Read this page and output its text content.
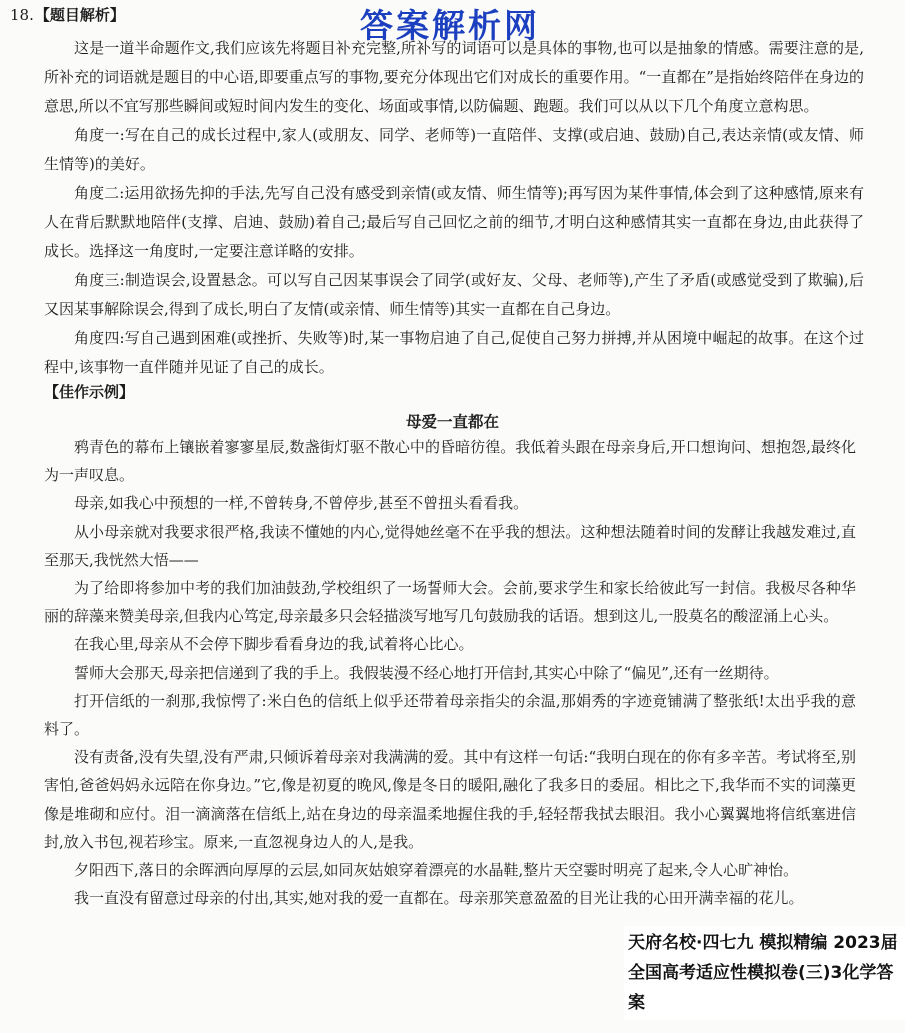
18.【题目解析】	答案解析网

这是一道半命题作文,我们应该先将题目补充完整,所补写的词语可以是具体的事物,也可以是抽象的情感。需要注意的是,所补充的词语就是题目的中心语,即要重点写的事物,要充分体现出它们对成长的重要作用。“一直都在”是指始终陪伴在身边的意思,所以不宜写那些瞬间或短时间内发生的变化、场面或事情,以防偏题、跑题。我们可以从以下几个角度立意构思。

角度一:写在自己的成长过程中,家人(或朋友、同学、老师等)一直陪伴、支撑(或启迪、鼓励)自己,表达亲情(或友情、师生情等)的美好。

角度二:运用欲扬先抑的手法,先写自己没有感受到亲情(或友情、师生情等);再写因为某件事情,体会到了这种感情,原来有人在背后默默地陪伴(支撑、启迪、鼓励)着自己;最后写自己回忆之前的细节,才明白这种感情其实一直都在身边,由此获得了成长。选择这一角度时,一定要注意详略的安排。

角度三:制造误会,设置悬念。可以写自己因某事误会了同学(或好友、父母、老师等),产生了矛盾(或感觉受到了欺骗),后又因某事解除误会,得到了成长,明白了友情(或亲情、师生情等)其实一直都在自己身边。

角度四:写自己遇到困难(或挫折、失败等)时,某一事物启迪了自己,促使自己努力拼搏,并从困境中崛起的故事。在这个过程中,该事物一直伴随并见证了自己的成长。

【佳作示例】
母爱一直都在

鸦青色的幕布上镶嵌着寥寥星辰,数盏街灯驱不散心中的昏暗彷徨。我低着头跟在母亲身后,开口想询问、想抱怨,最终化为一声叹息。

母亲,如我心中预想的一样,不曾转身,不曾停步,甚至不曾扭头看看我。

从小母亲就对我要求很严格,我读不懂她的内心,觉得她丝毫不在乎我的想法。这种想法随着时间的发酵让我越发难过,直至那天,我恍然大悟——

为了给即将参加中考的我们加油鼓劲,学校组织了一场誓师大会。会前,要求学生和家长给彼此写一封信。我极尽各种华丽的辞藻来赞美母亲,但我内心笃定,母亲最多只会轻描淡写地写几句鼓励我的话语。想到这儿,一股莫名的酸涩涌上心头。

在我心里,母亲从不会停下脚步看看身边的我,试着将心比心。

誓师大会那天,母亲把信递到了我的手上。我假装漫不经心地打开信封,其实心中除了“偏见”,还有一丝期待。

打开信纸的一刹那,我惊愕了:米白色的信纸上似乎还带着母亲指尖的余温,那娟秀的字迹竟铺满了整张纸!太出乎我的意料了。

没有责备,没有失望,没有严肃,只倾诉着母亲对我满满的爱。其中有这样一句话:“我明白现在的你有多辛苦。考试将至,别害怕,爸爸妈妈永远陪在你身边。”它,像是初夏的晚风,像是冬日的暖阳,融化了我多日的委屈。相比之下,我华而不实的词藻更像是堆砌和应付。泪一滴滴落在信纸上,站在身边的母亲温柔地握住我的手,轻轻帮我拭去眼泪。我小心翼翼地将信纸塞进信封,放入书包,视若珍宝。原来,一直忽视身边人的人,是我。

夕阳西下,落日的余晖洒向厚厚的云层,如同灰姑娘穿着漂亮的水晶鞋,整片天空霎时明亮了起来,令人心旷神怡。

我一直没有留意过母亲的付出,其实,她对我的爱一直都在。母亲那笑意盈盈的目光让我的心田开满幸福的花儿。

天府名校·四七九 模拟精编 2023届全国高考适应性模拟卷(三)3化学答案
